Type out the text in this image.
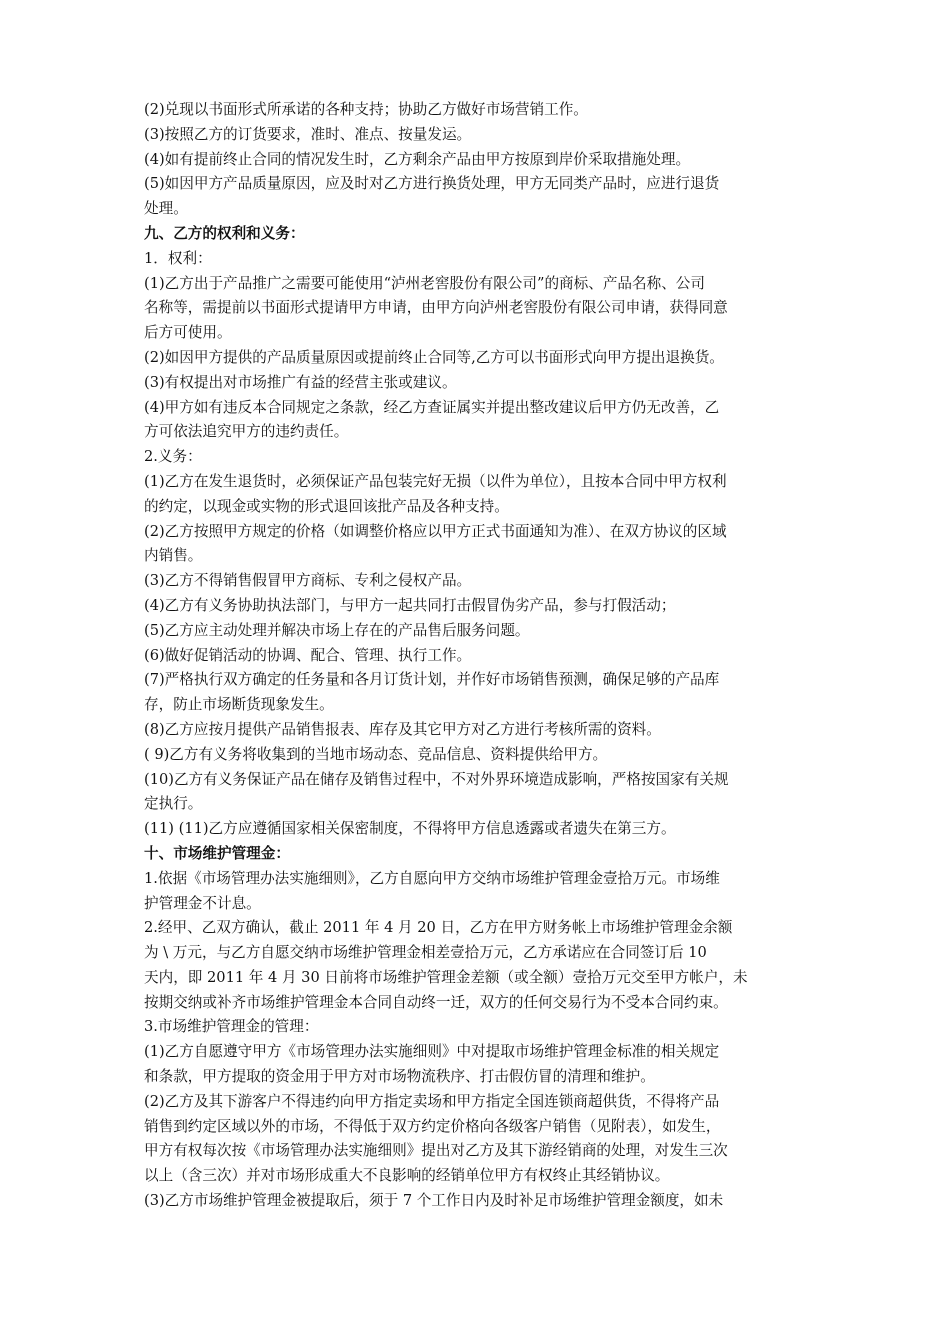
(2)兑现以书面形式所承诺的各种支持；协助乙方做好市场营销工作。
(3)按照乙方的订货要求，准时、准点、按量发运。
(4)如有提前终止合同的情况发生时，乙方剩余产品由甲方按原到岸价采取措施处理。
(5)如因甲方产品质量原因，应及时对乙方进行换货处理，甲方无同类产品时，应进行退货
处理。
九、乙方的权利和义务：
1．权利：
(1)乙方出于产品推广之需要可能使用“泸州老窖股份有限公司”的商标、产品名称、公司
名称等，需提前以书面形式提请甲方申请，由甲方向泸州老窖股份有限公司申请，获得同意
后方可使用。
(2)如因甲方提供的产品质量原因或提前终止合同等,乙方可以书面形式向甲方提出退换货。
(3)有权提出对市场推广有益的经营主张或建议。
(4)甲方如有违反本合同规定之条款，经乙方查证属实并提出整改建议后甲方仍无改善，乙
方可依法追究甲方的违约责任。
2.义务：
(1)乙方在发生退货时，必须保证产品包装完好无损（以件为单位），且按本合同中甲方权利
的约定，以现金或实物的形式退回该批产品及各种支持。
(2)乙方按照甲方规定的价格（如调整价格应以甲方正式书面通知为准）、在双方协议的区域
内销售。
(3)乙方不得销售假冒甲方商标、专利之侵权产品。
(4)乙方有义务协助执法部门，与甲方一起共同打击假冒伪劣产品，参与打假活动；
(5)乙方应主动处理并解决市场上存在的产品售后服务问题。
(6)做好促销活动的协调、配合、管理、执行工作。
(7)严格执行双方确定的任务量和各月订货计划，并作好市场销售预测，确保足够的产品库
存，防止市场断货现象发生。
(8)乙方应按月提供产品销售报表、库存及其它甲方对乙方进行考核所需的资料。
( 9)乙方有义务将收集到的当地市场动态、竞品信息、资料提供给甲方。
(10)乙方有义务保证产品在储存及销售过程中，不对外界环境造成影响，严格按国家有关规
定执行。
(11) (11)乙方应遵循国家相关保密制度，不得将甲方信息透露或者遗失在第三方。
十、市场维护管理金：
1.依据《市场管理办法实施细则》，乙方自愿向甲方交纳市场维护管理金壹拾万元。市场维
护管理金不计息。
2.经甲、乙双方确认，截止 2011 年 4 月 20 日，乙方在甲方财务帐上市场维护管理金余额
为 \ 万元，与乙方自愿交纳市场维护管理金相差壹拾万元，乙方承诺应在合同签订后 10
天内，即 2011 年 4 月 30 日前将市场维护管理金差额（或全额）壹拾万元交至甲方帐户，未
按期交纳或补齐市场维护管理金本合同自动终一迁，双方的任何交易行为不受本合同约束。
3.市场维护管理金的管理：
(1)乙方自愿遵守甲方《市场管理办法实施细则》中对提取市场维护管理金标准的相关规定
和条款，甲方提取的资金用于甲方对市场物流秩序、打击假仿冒的清理和维护。
(2)乙方及其下游客户不得违约向甲方指定卖场和甲方指定全国连锁商超供货，不得将产品
销售到约定区域以外的市场，不得低于双方约定价格向各级客户销售（见附表），如发生，
甲方有权每次按《市场管理办法实施细则》提出对乙方及其下游经销商的处理，对发生三次
以上（含三次）并对市场形成重大不良影响的经销单位甲方有权终止其经销协议。
(3)乙方市场维护管理金被提取后，须于 7 个工作日内及时补足市场维护管理金额度，如未
